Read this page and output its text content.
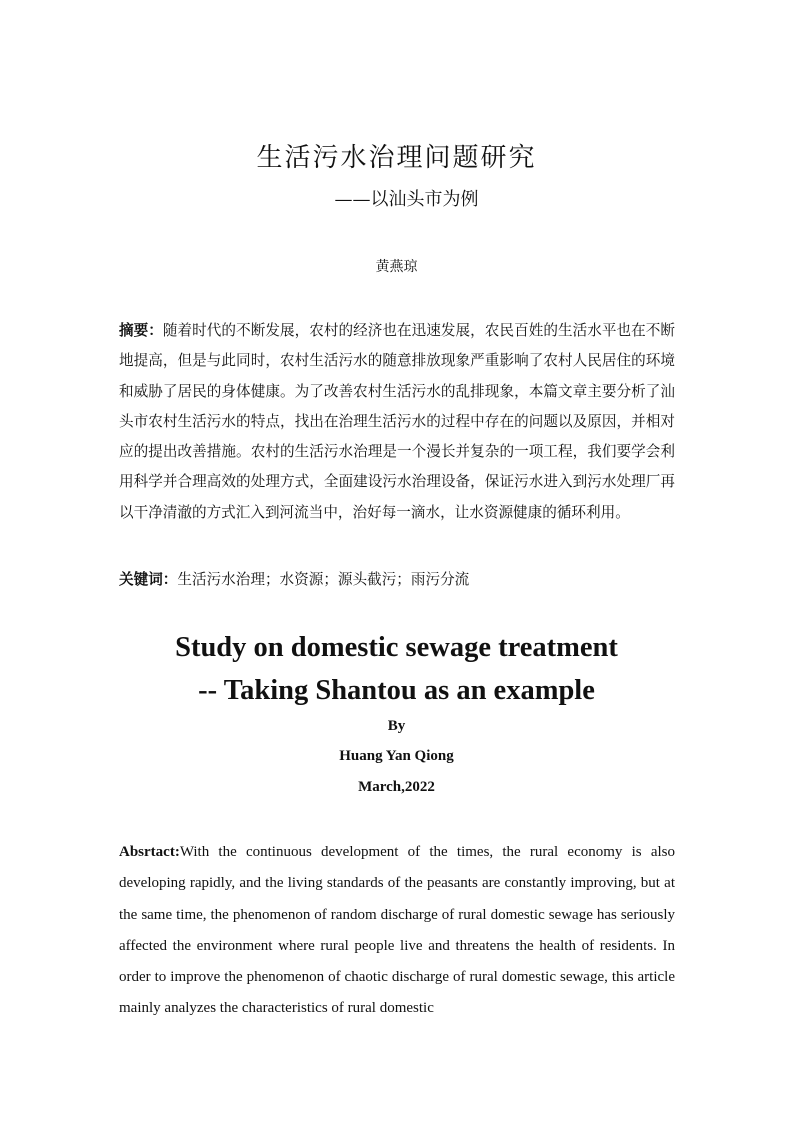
生活污水治理问题研究

——以汕头市为例

黄燕琼

摘要：随着时代的不断发展，农村的经济也在迅速发展，农民百姓的生活水平也在不断地提高，但是与此同时，农村生活污水的随意排放现象严重影响了农村人民居住的环境和威胁了居民的身体健康。为了改善农村生活污水的乱排现象，本篇文章主要分析了汕头市农村生活污水的特点，找出在治理生活污水的过程中存在的问题以及原因，并相对应的提出改善措施。农村的生活污水治理是一个漫长并复杂的一项工程，我们要学会利用科学并合理高效的处理方式，全面建设污水治理设备，保证污水进入到污水处理厂再以干净清澈的方式汇入到河流当中，治好每一滴水，让水资源健康的循环利用。

关键词：生活污水治理；水资源；源头截污；雨污分流

Study on domestic sewage treatment
-- Taking Shantou as an example

By

Huang Yan Qiong

March,2022

Absrtact:With the continuous development of the times, the rural economy is also developing rapidly, and the living standards of the peasants are constantly improving, but at the same time, the phenomenon of random discharge of rural domestic sewage has seriously affected the environment where rural people live and threatens the health of residents. In order to improve the phenomenon of chaotic discharge of rural domestic sewage, this article mainly analyzes the characteristics of rural domestic
